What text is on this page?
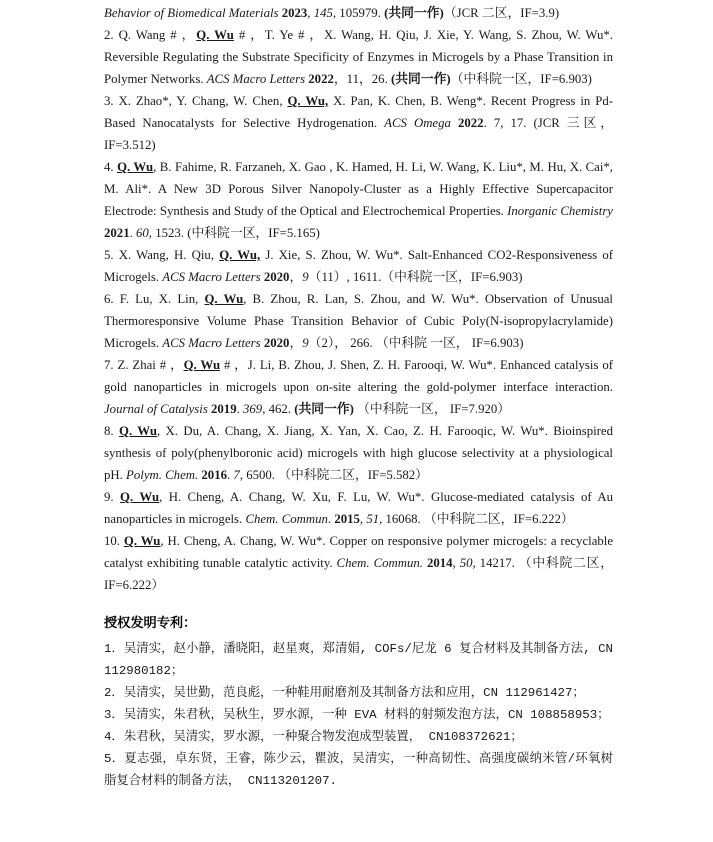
Behavior of Biomedical Materials 2023, 145, 105979. (共同一作)（JCR 二区，IF=3.9)

2. Q. Wang # ，Q. Wu # ，T. Ye # ，X. Wang, H. Qiu, J. Xie, Y. Wang, S. Zhou, W. Wu*. Reversible Regulating the Substrate Specificity of Enzymes in Microgels by a Phase Transition in Polymer Networks. ACS Macro Letters 2022，11，26. (共同一作)（中科院一区，IF=6.903)

3. X. Zhao*, Y. Chang, W. Chen, Q. Wu, X. Pan, K. Chen, B. Weng*. Recent Progress in Pd-Based Nanocatalysts for Selective Hydrogenation. ACS Omega 2022. 7, 17. (JCR 三区，IF=3.512)

4. Q. Wu, B. Fahime, R. Farzaneh, X. Gao , K. Hamed, H. Li, W. Wang, K. Liu*, M. Hu, X. Cai*, M. Ali*. A New 3D Porous Silver Nanopoly-Cluster as a Highly Effective Supercapacitor Electrode: Synthesis and Study of the Optical and Electrochemical Properties. Inorganic Chemistry 2021. 60, 1523. (中科院一区，IF=5.165)

5. X. Wang, H. Qiu, Q. Wu, J. Xie, S. Zhou, W. Wu*. Salt-Enhanced CO2-Responsiveness of Microgels. ACS Macro Letters 2020，9（11）, 1611.（中科院一区，IF=6.903)

6. F. Lu, X. Lin, Q. Wu, B. Zhou, R. Lan, S. Zhou, and W. Wu*. Observation of Unusual Thermoresponsive Volume Phase Transition Behavior of Cubic Poly(N-isopropylacrylamide) Microgels. ACS Macro Letters 2020，9（2）， 266. （中科院 一区， IF=6.903)

7. Z. Zhai # ，Q. Wu # ，J. Li, B. Zhou, J. Shen, Z. H. Farooqi, W. Wu*. Enhanced catalysis of gold nanoparticles in microgels upon on-site altering the gold-polymer interface interaction. Journal of Catalysis 2019. 369, 462. (共同一作) （中科院一区， IF=7.920）

8. Q. Wu, X. Du, A. Chang, X. Jiang, X. Yan, X. Cao, Z. H. Farooqic, W. Wu*. Bioinspired synthesis of poly(phenylboronic acid) microgels with high glucose selectivity at a physiological pH. Polym. Chem. 2016. 7, 6500. （中科院二区，IF=5.582）

9. Q. Wu, H. Cheng, A. Chang, W. Xu, F. Lu, W. Wu*. Glucose-mediated catalysis of Au nanoparticles in microgels. Chem. Commun. 2015, 51, 16068. （中科院二区，IF=6.222）

10. Q. Wu, H. Cheng, A. Chang, W. Wu*. Copper on responsive polymer microgels: a recyclable catalyst exhibiting tunable catalytic activity. Chem. Commun. 2014, 50, 14217. （中科院二区，IF=6.222）

授权发明专利：

1．吴清实，赵小静，潘晓阳，赵星爽，郑清娟, COFs/尼龙 6 复合材料及其制备方法, CN 112980182；

2．吴清实，吴世勤，范良彪，一种鞋用耐磨剂及其制备方法和应用，CN 112961427；

3．吴清实，朱君秋，吴秋生，罗水源，一种 EVA 材料的射频发泡方法，CN 108858953；

4．朱君秋，吴清实，罗水源，一种聚合物发泡成型装置， CN108372621；

5．夏志强，卓东贤，王睿，陈少云，瞿波，吴清实，一种高韧性、高强度碳纳米管/环氧树脂复合材料的制备方法， CN113201207.
